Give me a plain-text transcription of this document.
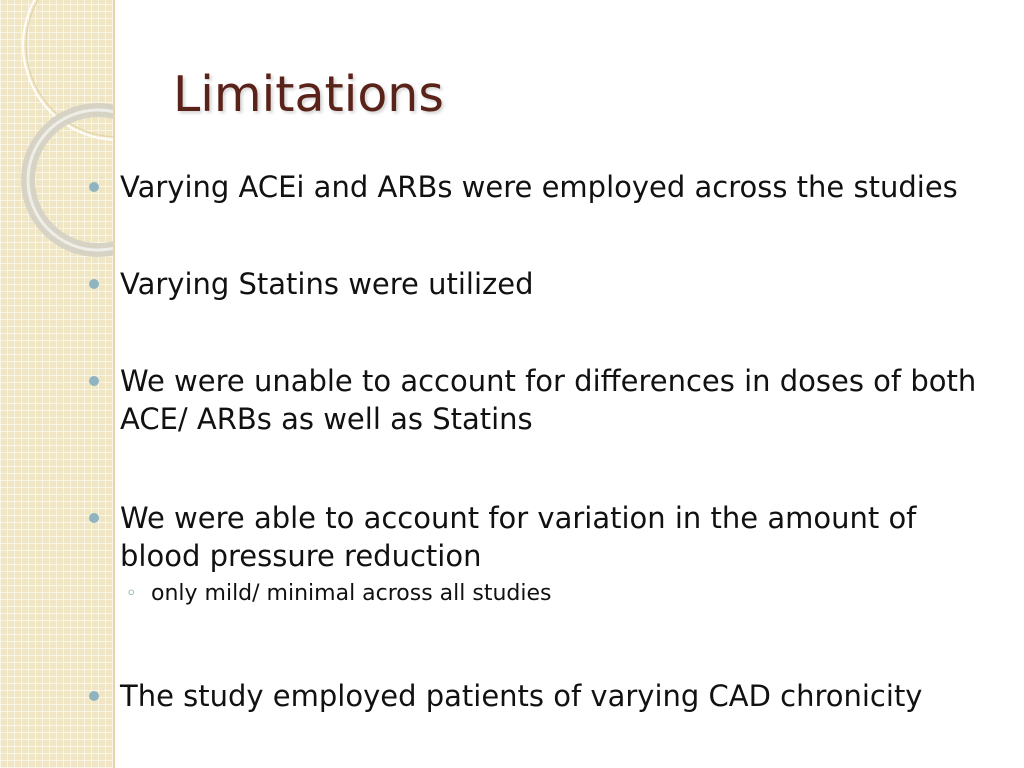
Limitations
Varying ACEi and ARBs were employed across the studies
Varying Statins were utilized
We were unable to account for differences in doses of both ACE/ ARBs as well as Statins
We were able to account for variation in the amount of blood pressure reduction
◦ only mild/ minimal across all studies
The study employed patients of varying CAD chronicity
